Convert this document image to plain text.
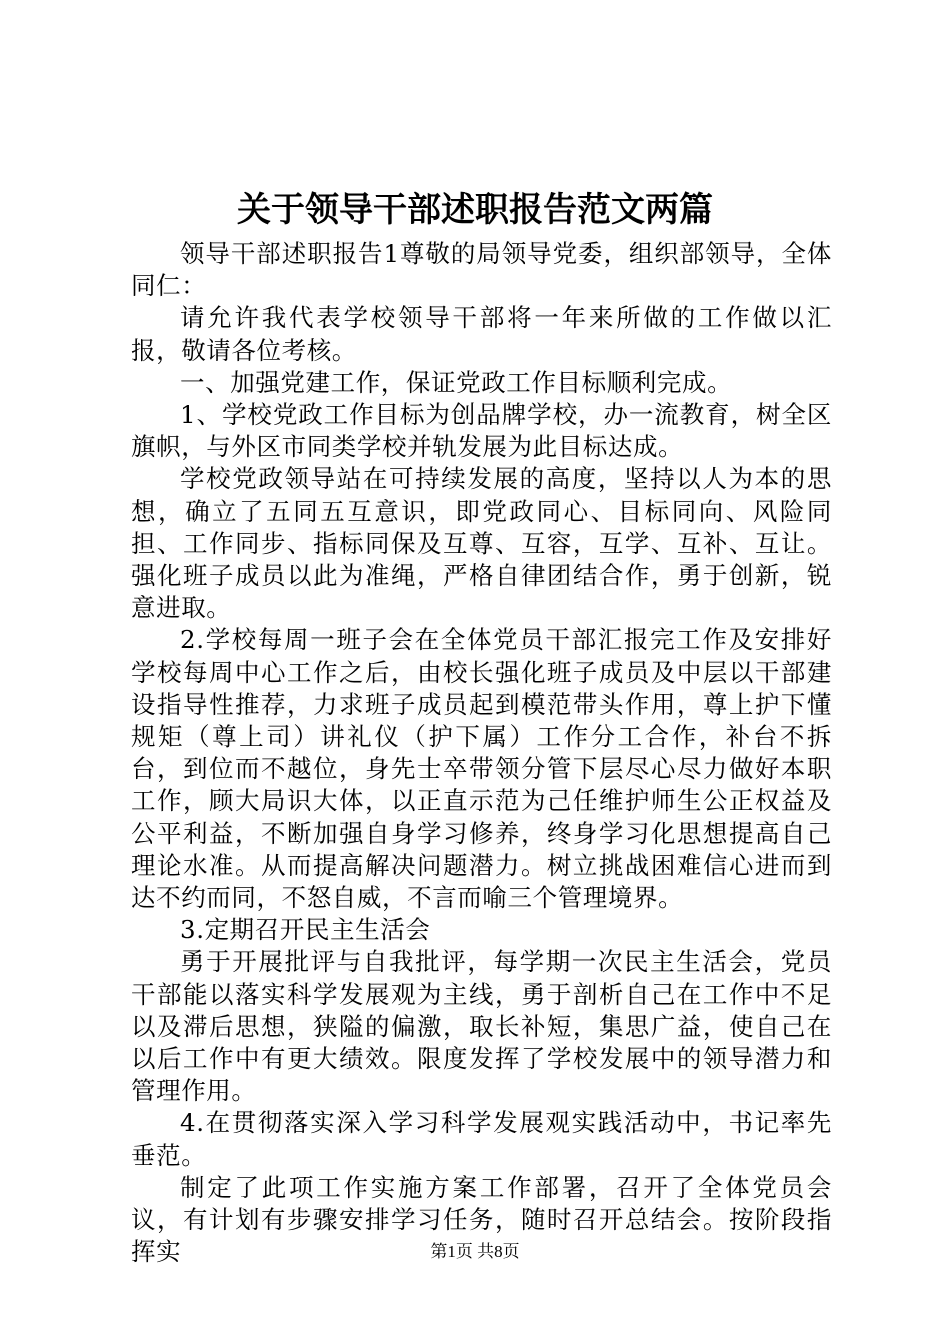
关于领导干部述职报告范文两篇

领导干部述职报告1尊敬的局领导党委，组织部领导，全体同仁：

请允许我代表学校领导干部将一年来所做的工作做以汇报，敬请各位考核。

一、加强党建工作，保证党政工作目标顺利完成。

1、学校党政工作目标为创品牌学校，办一流教育，树全区旗帜，与外区市同类学校并轨发展为此目标达成。

学校党政领导站在可持续发展的高度，坚持以人为本的思想，确立了五同五互意识，即党政同心、目标同向、风险同担、工作同步、指标同保及互尊、互容，互学、互补、互让。强化班子成员以此为准绳，严格自律团结合作，勇于创新，锐意进取。

2.学校每周一班子会在全体党员干部汇报完工作及安排好学校每周中心工作之后，由校长强化班子成员及中层以干部建设指导性推荐，力求班子成员起到模范带头作用，尊上护下懂规矩（尊上司）讲礼仪（护下属）工作分工合作，补台不拆台，到位而不越位，身先士卒带领分管下层尽心尽力做好本职工作，顾大局识大体，以正直示范为己任维护师生公正权益及公平利益，不断加强自身学习修养，终身学习化思想提高自己理论水准。从而提高解决问题潜力。树立挑战困难信心进而到达不约而同，不怒自威，不言而喻三个管理境界。

3.定期召开民主生活会

勇于开展批评与自我批评，每学期一次民主生活会，党员干部能以落实科学发展观为主线，勇于剖析自己在工作中不足以及滞后思想，狭隘的偏激，取长补短，集思广益，使自己在以后工作中有更大绩效。限度发挥了学校发展中的领导潜力和管理作用。

4.在贯彻落实深入学习科学发展观实践活动中，书记率先垂范。

制定了此项工作实施方案工作部署，召开了全体党员会议，有计划有步骤安排学习任务，随时召开总结会。按阶段指挥实	第1页 共8页
